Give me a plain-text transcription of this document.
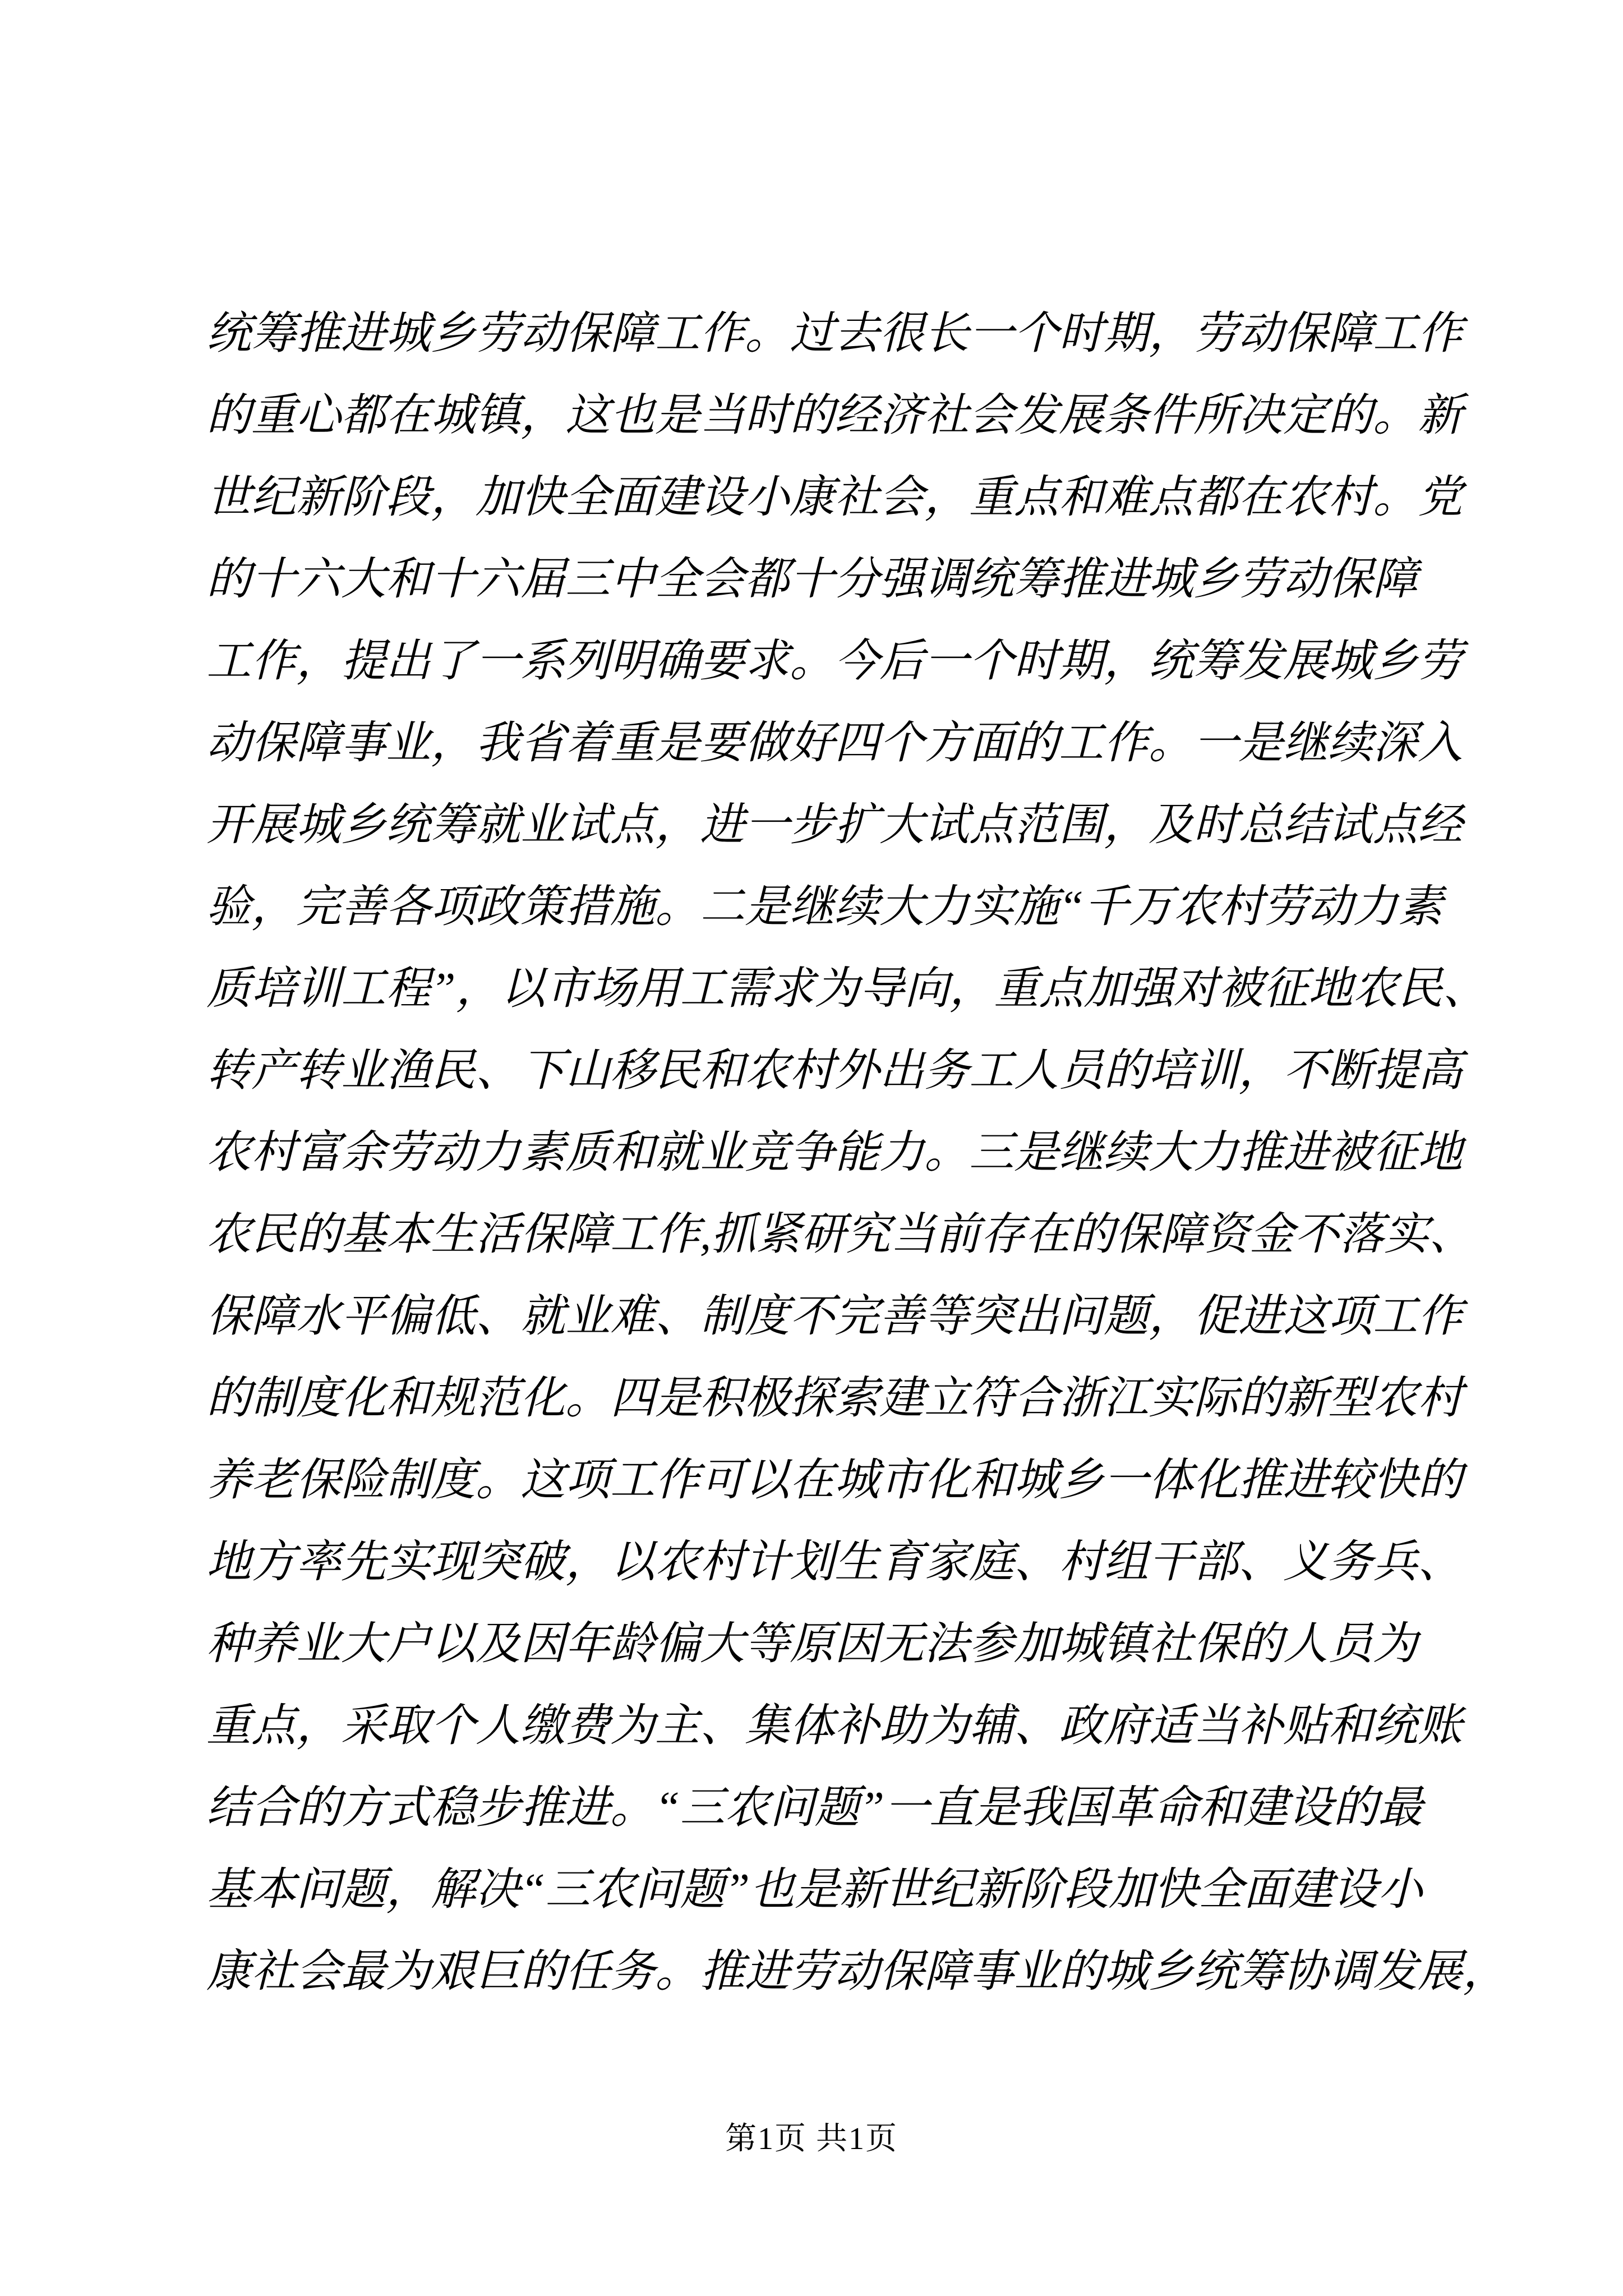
统筹推进城乡劳动保障工作。过去很长一个时期，劳动保障工作
的重心都在城镇，这也是当时的经济社会发展条件所决定的。新
世纪新阶段，加快全面建设小康社会，重点和难点都在农村。党
的十六大和十六届三中全会都十分强调统筹推进城乡劳动保障
工作，提出了一系列明确要求。今后一个时期，统筹发展城乡劳
动保障事业，我省着重是要做好四个方面的工作。一是继续深入
开展城乡统筹就业试点，进一步扩大试点范围，及时总结试点经
验，完善各项政策措施。二是继续大力实施“千万农村劳动力素
质培训工程”，以市场用工需求为导向，重点加强对被征地农民、
转产转业渔民、下山移民和农村外出务工人员的培训，不断提高
农村富余劳动力素质和就业竞争能力。三是继续大力推进被征地
农民的基本生活保障工作,抓紧研究当前存在的保障资金不落实、
保障水平偏低、就业难、制度不完善等突出问题，促进这项工作
的制度化和规范化。四是积极探索建立符合浙江实际的新型农村
养老保险制度。这项工作可以在城市化和城乡一体化推进较快的
地方率先实现突破，以农村计划生育家庭、村组干部、义务兵、
种养业大户以及因年龄偏大等原因无法参加城镇社保的人员为
重点，采取个人缴费为主、集体补助为辅、政府适当补贴和统账
结合的方式稳步推进。“三农问题”一直是我国革命和建设的最
基本问题，解决“三农问题”也是新世纪新阶段加快全面建设小
康社会最为艰巨的任务。推进劳动保障事业的城乡统筹协调发展，
第1页 共1页
